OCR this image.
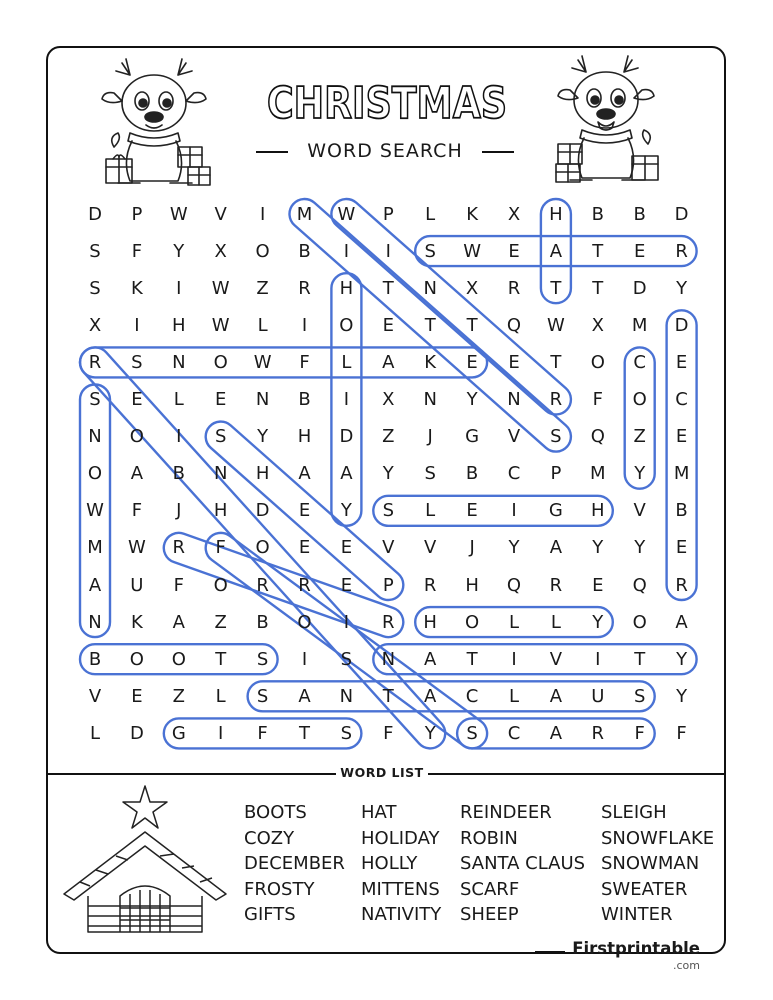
CHRISTMAS
WORD SEARCH
D	P	W	V	I	M	W	P	L	K	X	H	B	B	D
S	F	Y	X	O	B	I	I	S	W	E	A	T	E	R
S	K	I	W	Z	R	H	T	N	X	R	T	T	D	Y
X	I	H	W	L	I	O	E	T	T	Q	W	X	M	D
R	S	N	O	W	F	L	A	K	E	E	T	O	C	E
S	E	L	E	N	B	I	X	N	Y	N	R	F	O	C
N	O	I	S	Y	H	D	Z	J	G	V	S	Q	Z	E
O	A	B	N	H	A	A	Y	S	B	C	P	M	Y	M
W	F	J	H	D	E	Y	S	L	E	I	G	H	V	B
M	W	R	F	O	E	E	V	V	J	Y	A	Y	Y	E
A	U	F	O	R	R	E	P	R	H	Q	R	E	Q	R
N	K	A	Z	B	O	I	R	H	O	L	L	Y	O	A
B	O	O	T	S	I	S	N	A	T	I	V	I	T	Y
V	E	Z	L	S	A	N	T	A	C	L	A	U	S	Y
L	D	G	I	F	T	S	F	Y	S	C	A	R	F	F
WORD LIST
BOOTS
COZY
DECEMBER
FROSTY
GIFTS
HAT
HOLIDAY
HOLLY
MITTENS
NATIVITY
REINDEER
ROBIN
SANTA CLAUS
SCARF
SHEEP
SLEIGH
SNOWFLAKE
SNOWMAN
SWEATER
WINTER
Firstprintable
.com
